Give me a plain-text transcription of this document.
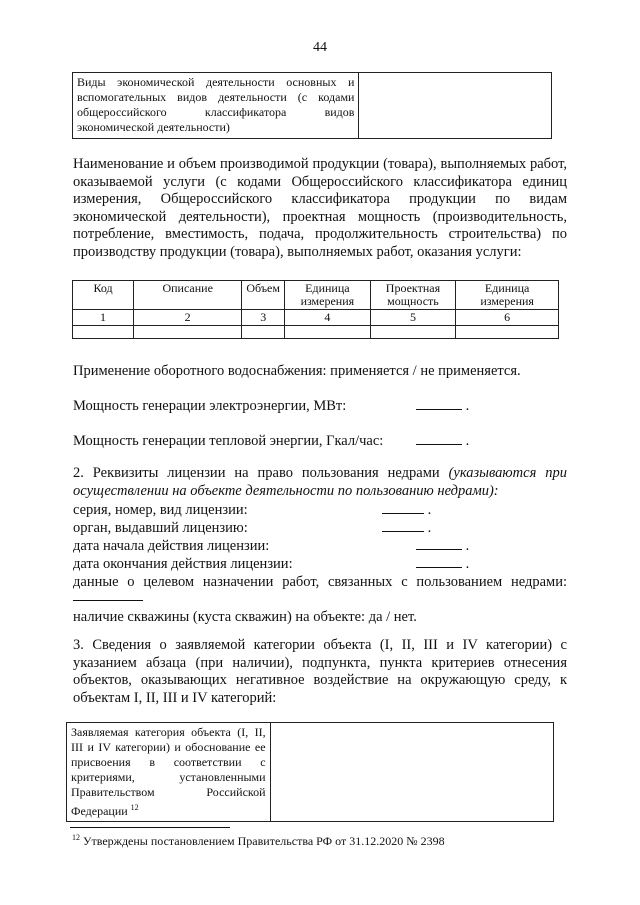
44
Виды экономической деятельности основных и вспомогательных видов деятельности (с кодами общероссийского классификатора видов экономической деятельности)	
Наименование и объем производимой продукции (товара), выполняемых работ, оказываемой услуги (с кодами Общероссийского классификатора единиц измерения, Общероссийского классификатора продукции по видам экономической деятельности), проектная мощность (производительность, потребление, вместимость, подача, продолжительность строительства) по производству продукции (товара), выполняемых работ, оказания услуги:
Код	Описание	Объем	Единица измерения	Проектная мощность	Единица измерения
1	2	3	4	5	6

Применение оборотного водоснабжения: применяется / не применяется.
Мощность генерации электроэнергии, МВт:	.
Мощность генерации тепловой энергии, Гкал/час:	.
2. Реквизиты лицензии на право пользования недрами (указываются при осуществлении на объекте деятельности по пользованию недрами):
серия, номер, вид лицензии:	.
орган, выдавший лицензию:	.
дата начала действия лицензии:	.
дата окончания действия лицензии:	.
данные о целевом назначении работ, связанных с пользованием недрами:
наличие скважины (куста скважин) на объекте: да / нет.
3. Сведения о заявляемой категории объекта (I, II, III и IV категории) с указанием абзаца (при наличии), подпункта, пункта критериев отнесения объектов, оказывающих негативное воздействие на окружающую среду, к объектам I, II, III и IV категорий:
Заявляемая категория объекта (I, II, III и IV категории) и обоснование ее присвоения в соответствии с критериями, установленными Правительством Российской Федерации $^{12}$	
$^{12}$ Утверждены постановлением Правительства РФ от 31.12.2020 № 2398
